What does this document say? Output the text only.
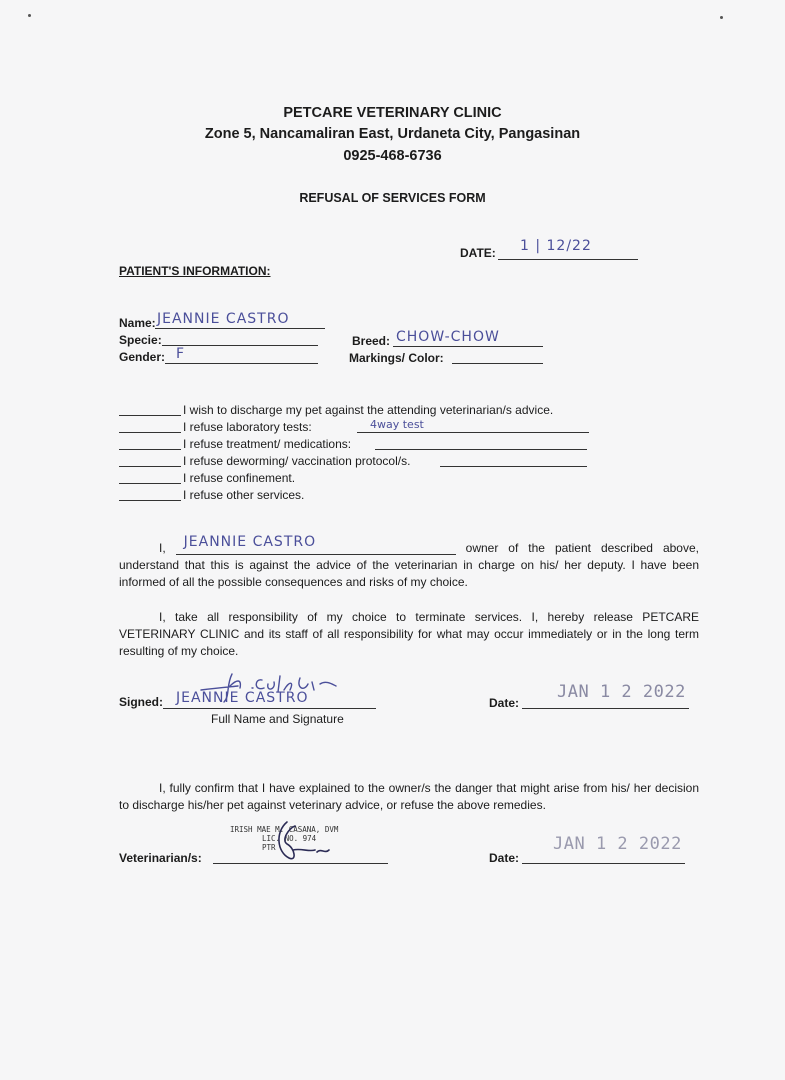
PETCARE VETERINARY CLINIC
Zone 5, Nancamaliran East, Urdaneta City, Pangasinan
0925-468-6736
REFUSAL OF SERVICES FORM
DATE: 1 | 12/22
PATIENT'S INFORMATION:
Name: JEANNIE CASTRO
Specie:
Gender: F
Breed: CHOW-CHOW
Markings/ Color:
I wish to discharge my pet against the attending veterinarian/s advice.
I refuse laboratory tests:	4way test
I refuse treatment/ medications:
I refuse deworming/ vaccination protocol/s.
I refuse confinement.
I refuse other services.
I, JEANNIE CASTRO	owner of the patient described above, understand that this is against the advice of the veterinarian in charge on his/ her deputy. I have been informed of all the possible consequences and risks of my choice.
I, take all responsibility of my choice to terminate services. I, hereby release PETCARE VETERINARY CLINIC and its staff of all responsibility for what may occur immediately or in the long term resulting of my choice.
Signed: JEANNIE CASTRO
Full Name and Signature
Date:
JAN 1 2 2022
I, fully confirm that I have explained to the owner/s the danger that might arise from his/ her decision to discharge his/her pet against veterinary advice, or refuse the above remedies.
Veterinarian/s:
IRISH MAE M. CASANA, DVM
LIC. NO. 974
PTR
Date:
JAN 1 2 2022
